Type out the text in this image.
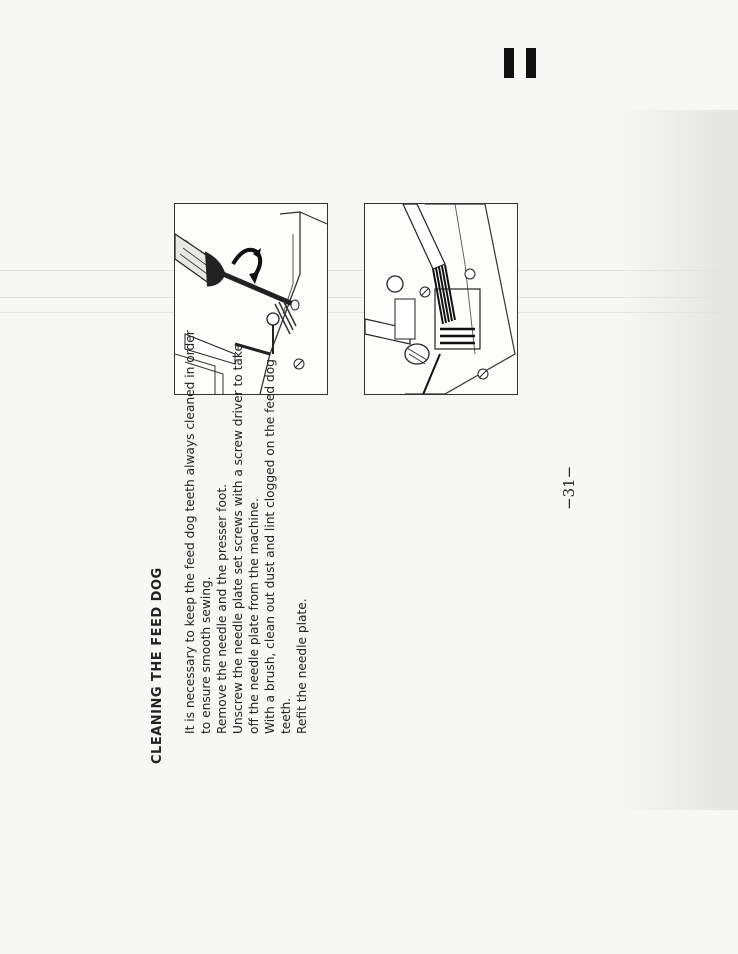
CLEANING THE FEED DOG It is necessary to keep the feed dog teeth always cleaned in order to ensure smooth sewing. Remove the needle and the presser foot. Unscrew the needle plate set screws with a screw driver to take off the needle plate from the machine. With a brush, clean out dust and lint clogged on the feed dog teeth. Refit the needle plate.
−31−
